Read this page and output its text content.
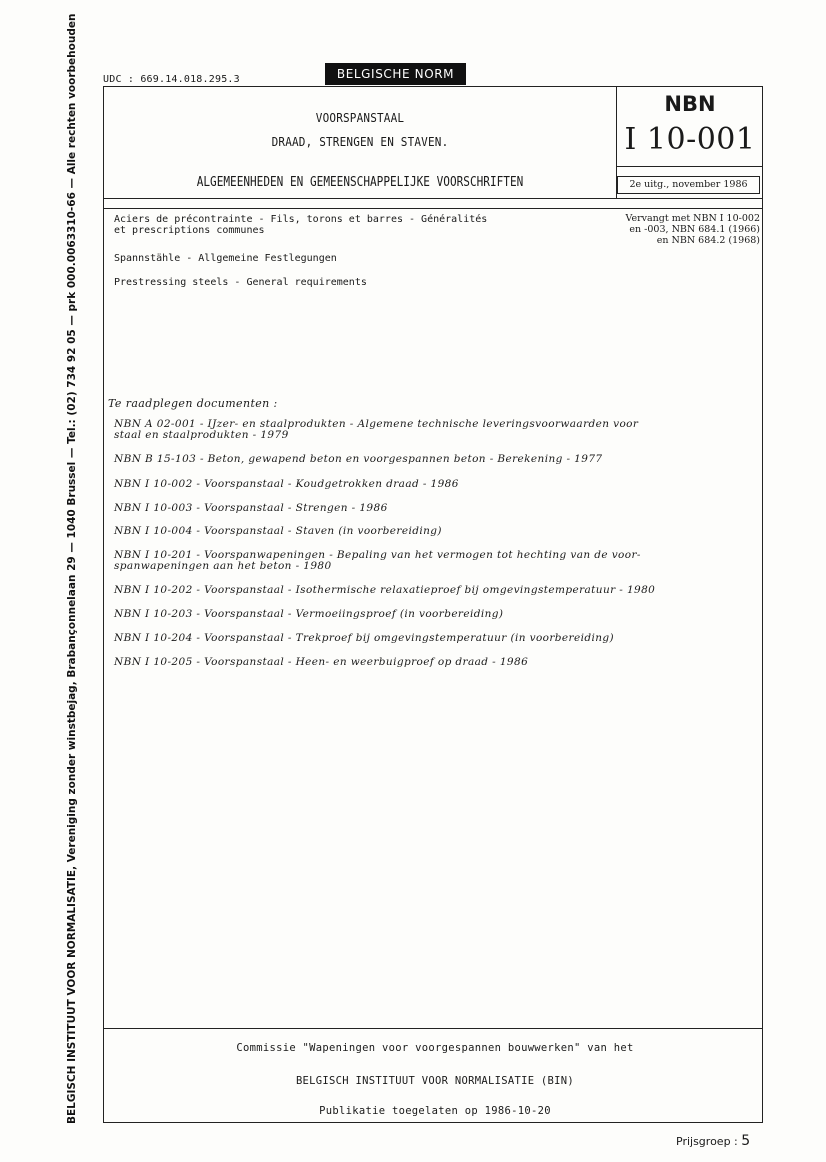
BELGISCH INSTITUUT VOOR NORMALISATIE, Vereniging zonder winstbejag, Brabançonnelaan 29 — 1040 Brussel — Tel.: (02) 734 92 05 — prk 000.0063310-66 — Alle rechten voorbehouden	UDC : 669.14.018.295.3	BELGISCHE NORM
VOORSPANSTAAL
DRAAD, STRENGEN EN STAVEN.
ALGEMEENHEDEN EN GEMEENSCHAPPELIJKE VOORSCHRIFTEN
NBN
I 10-001
2e uitg., november 1986
Aciers de précontrainte - Fils, torons et barres - Généralités
et prescriptions communes
Vervangt met NBN I 10-002
en -003, NBN 684.1 (1966)
en NBN 684.2 (1968)
Spannstähle - Allgemeine Festlegungen
Prestressing steels - General requirements
Te raadplegen documenten :
NBN A 02-001 - IJzer- en staalprodukten - Algemene technische leveringsvoorwaarden voor
staal en staalprodukten - 1979
NBN B 15-103 - Beton, gewapend beton en voorgespannen beton - Berekening - 1977
NBN I 10-002 - Voorspanstaal - Koudgetrokken draad - 1986
NBN I 10-003 - Voorspanstaal - Strengen - 1986
NBN I 10-004 - Voorspanstaal - Staven (in voorbereiding)
NBN I 10-201 - Voorspanwapeningen - Bepaling van het vermogen tot hechting van de voor-
spanwapeningen aan het beton - 1980
NBN I 10-202 - Voorspanstaal - Isothermische relaxatieproef bij omgevingstemperatuur - 1980
NBN I 10-203 - Voorspanstaal - Vermoeiingsproef (in voorbereiding)
NBN I 10-204 - Voorspanstaal - Trekproef bij omgevingstemperatuur (in voorbereiding)
NBN I 10-205 - Voorspanstaal - Heen- en weerbuigproef op draad - 1986
Commissie "Wapeningen voor voorgespannen bouwwerken" van het
BELGISCH INSTITUUT VOOR NORMALISATIE (BIN)
Publikatie toegelaten op 1986-10-20
Prijsgroep : 5
